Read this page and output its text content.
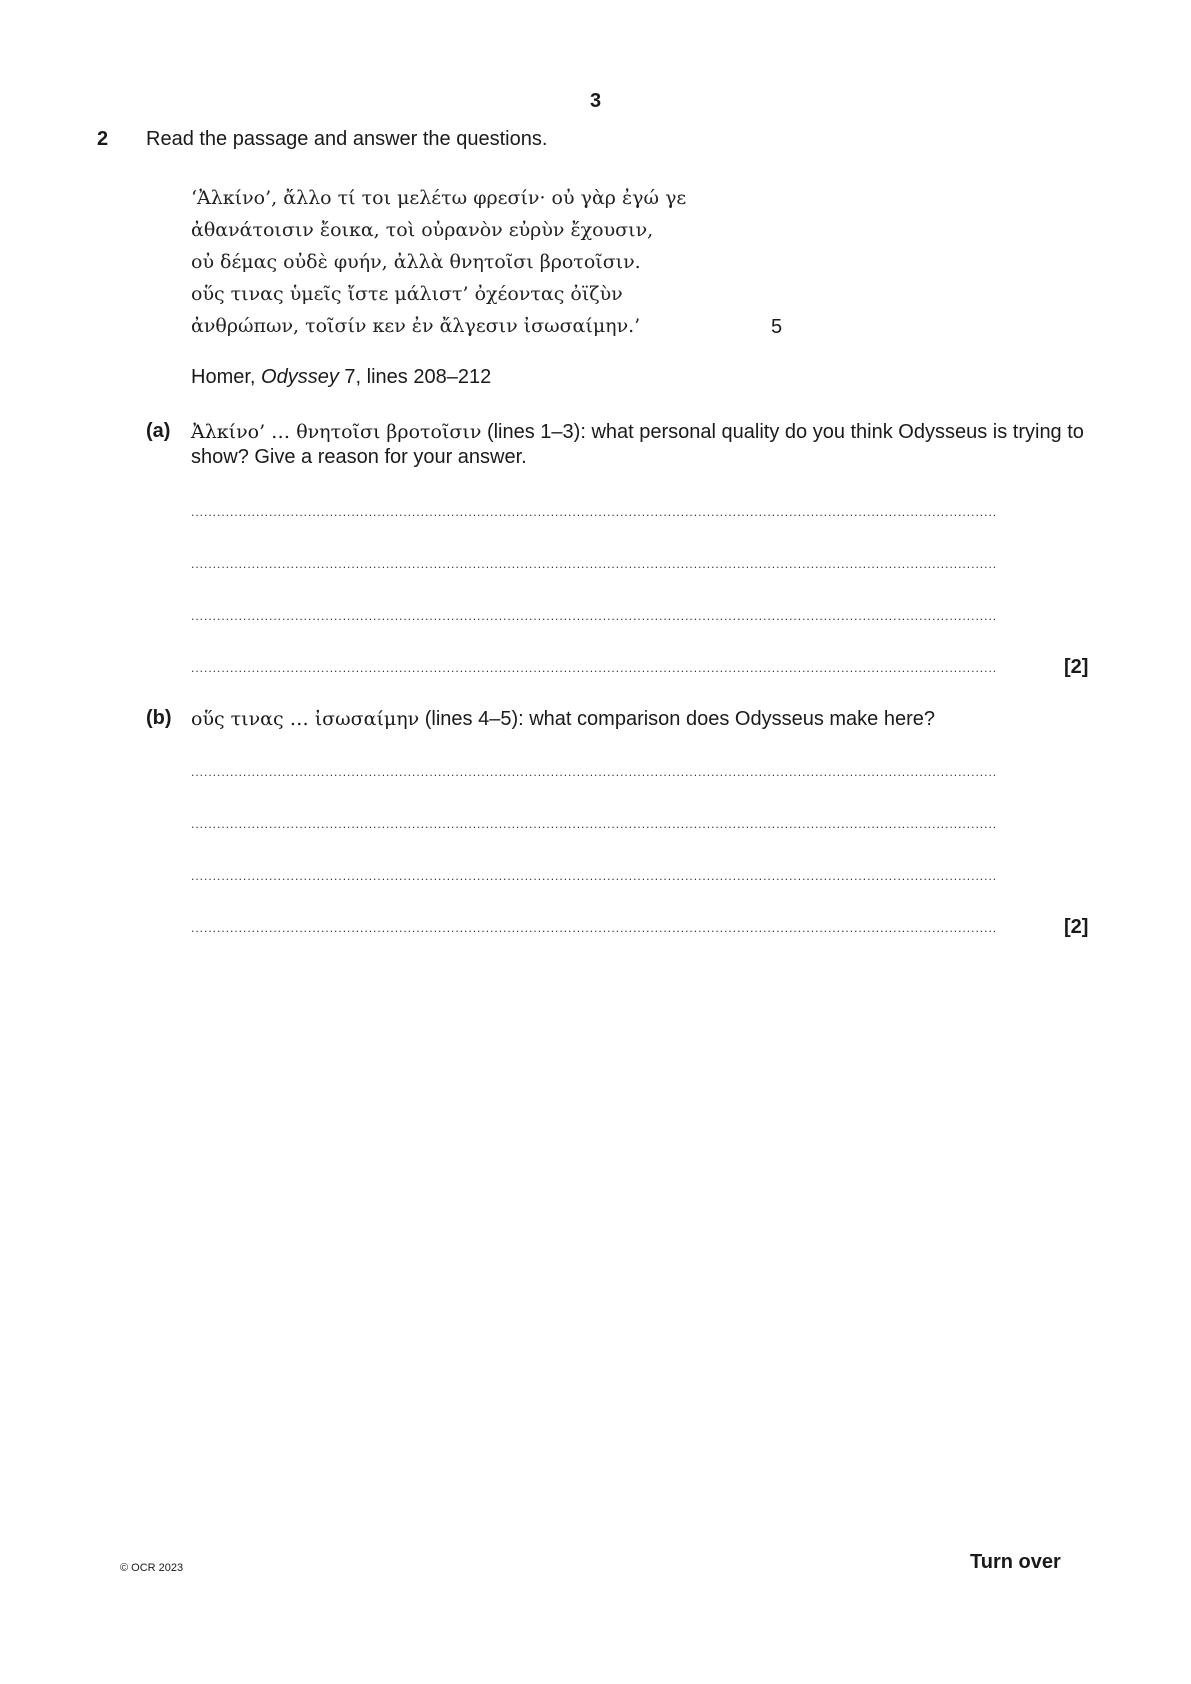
3
2 Read the passage and answer the questions.
‘Ἀλκίνο’, ἄλλο τί τοι μελέτω φρεσίν· οὐ γὰρ ἐγώ γε
ἀθανάτοισιν ἔοικα, τοὶ οὐρανὸν εὐρὺν ἔχουσιν,
οὐ δέμας οὐδὲ φυήν, ἀλλὰ θνητοῖσι βροτοῖσιν.
οὕς τινας ὑμεῖς ἴστε μάλιστ’ ὀχέοντας ὀϊζὺν
ἀνθρώπων, τοῖσίν κεν ἐν ἄλγεσιν ἰσωσαίμην.’	5
Homer, Odyssey 7, lines 208–212
(a) Ἀλκίνο’ … θνητοῖσι βροτοῖσιν (lines 1–3): what personal quality do you think Odysseus is trying to show? Give a reason for your answer.
..........................................................................................................................................................................................
..........................................................................................................................................................................................
..........................................................................................................................................................................................
..........................................................................................................................................................................................	[2]
(b) οὕς τινας … ἰσωσαίμην (lines 4–5): what comparison does Odysseus make here?
..........................................................................................................................................................................................
..........................................................................................................................................................................................
..........................................................................................................................................................................................
..........................................................................................................................................................................................	[2]
© OCR 2023	Turn over
